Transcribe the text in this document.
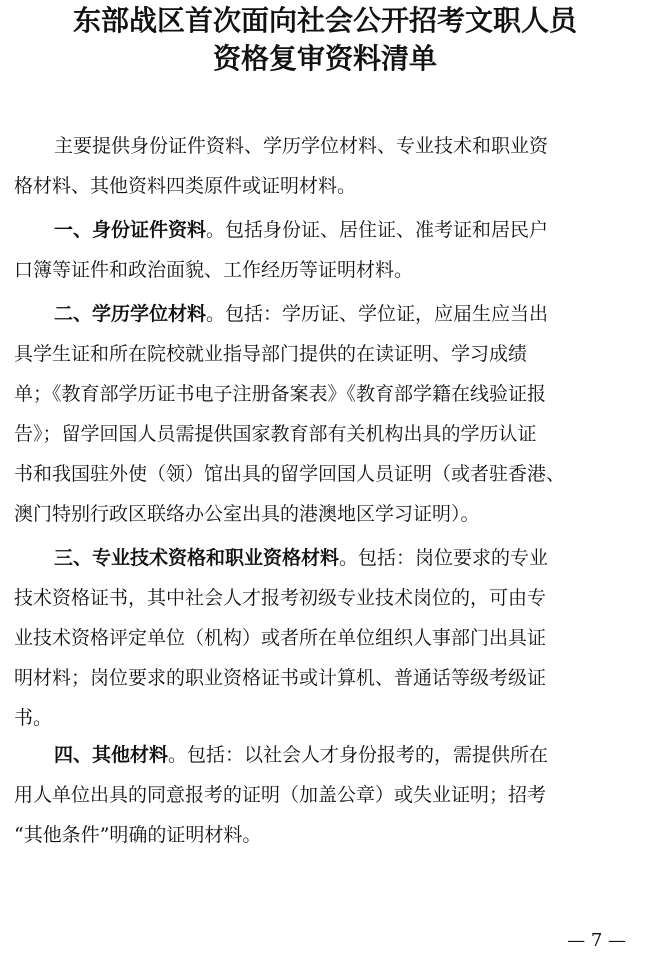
东部战区首次面向社会公开招考文职人员
资格复审资料清单
主要提供身份证件资料、学历学位材料、专业技术和职业资
格材料、其他资料四类原件或证明材料。
一、身份证件资料。包括身份证、居住证、准考证和居民户
口簿等证件和政治面貌、工作经历等证明材料。
二、学历学位材料。包括：学历证、学位证，应届生应当出
具学生证和所在院校就业指导部门提供的在读证明、学习成绩
单；《教育部学历证书电子注册备案表》《教育部学籍在线验证报
告》；留学回国人员需提供国家教育部有关机构出具的学历认证
书和我国驻外使（领）馆出具的留学回国人员证明（或者驻香港、
澳门特别行政区联络办公室出具的港澳地区学习证明）。
三、专业技术资格和职业资格材料。包括：岗位要求的专业
技术资格证书，其中社会人才报考初级专业技术岗位的，可由专
业技术资格评定单位（机构）或者所在单位组织人事部门出具证
明材料；岗位要求的职业资格证书或计算机、普通话等级考级证
书。
四、其他材料。包括：以社会人才身份报考的，需提供所在
用人单位出具的同意报考的证明（加盖公章）或失业证明；招考
“其他条件”明确的证明材料。
— 7 —
